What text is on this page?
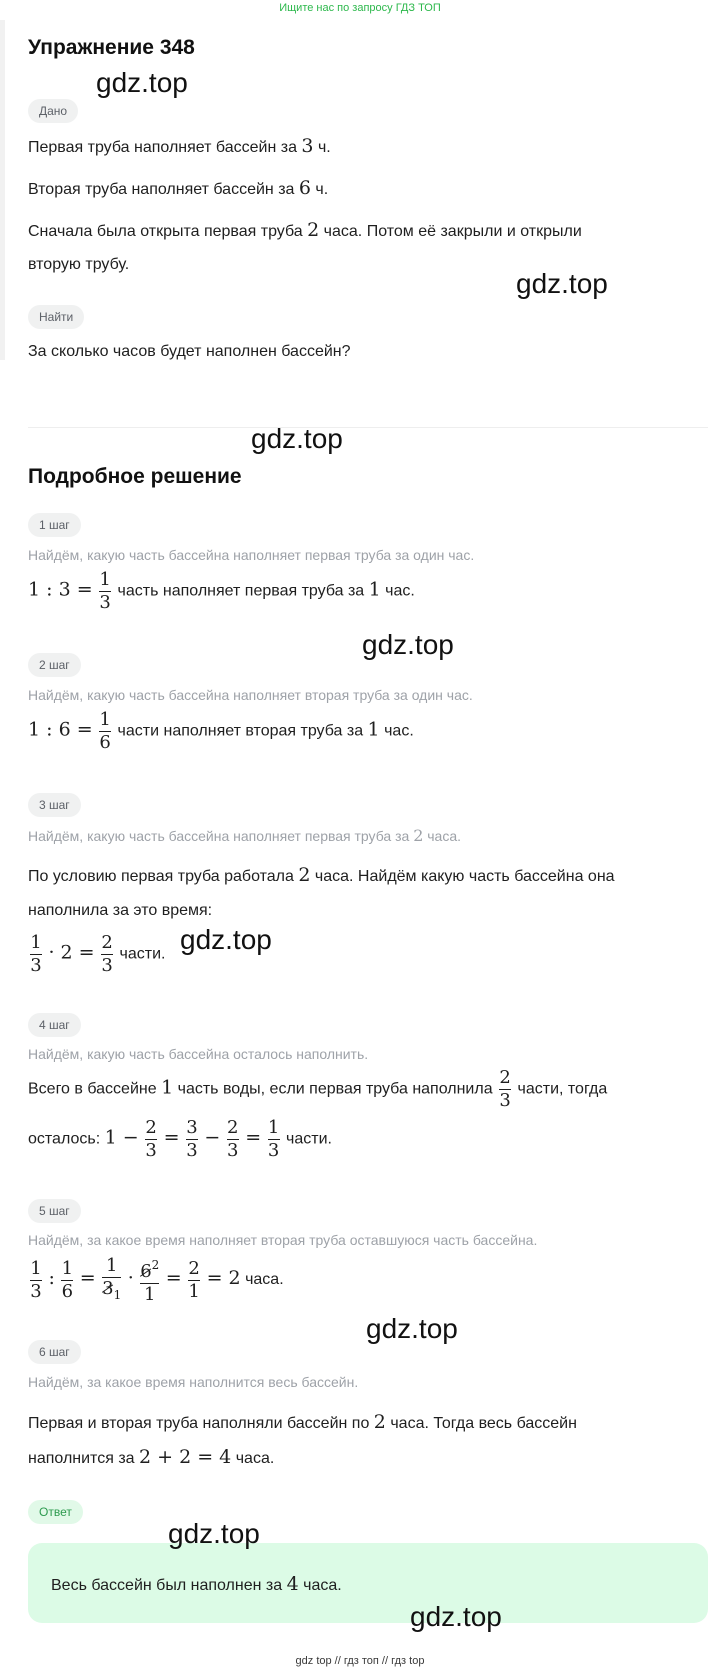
Ищите нас по запросу ГДЗ ТОП
Упражнение 348
Дано
Первая труба наполняет бассейн за 3 ч.
Вторая труба наполняет бассейн за 6 ч.
Сначала была открыта первая труба 2 часа. Потом её закрыли и открыли
вторую трубу.
Найти
За сколько часов будет наполнен бассейн?
Подробное решение
1 шаг
Найдём, какую часть бассейна наполняет первая труба за один час.
1 : $3 = \frac{1}{3}$ часть наполняет первая труба за 1 час.
2 шаг
Найдём, какую часть бассейна наполняет вторая труба за один час.
1 : $6 = \frac{1}{6}$ части наполняет вторая труба за 1 час.
3 шаг
Найдём, какую часть бассейна наполняет первая труба за 2 часа.
По условию первая труба работала 2 часа. Найдём какую часть бассейна она
наполнила за это время:
$\frac{1}{3} \cdot 2 = \frac{2}{3}$ части.
4 шаг
Найдём, какую часть бассейна осталось наполнить.
Всего в бассейне 1 часть воды, если первая труба наполнила $\frac{2}{3}$ части, тогда
осталось: $1 - \frac{2}{3} = \frac{3}{3} - \frac{2}{3} = \frac{1}{3}$ части.
5 шаг
Найдём, за какое время наполняет вторая труба оставшуюся часть бассейна.
$\frac{1}{3}$ : $\frac{1}{6} = \frac{1}{3_1} \cdot \frac{6^2}{1} = \frac{2}{1} = 2$ часа.
6 шаг
Найдём, за какое время наполнится весь бассейн.
Первая и вторая труба наполняли бассейн по 2 часа. Тогда весь бассейн
наполнится за 2 + 2 = 4 часа.
Ответ
Весь бассейн был наполнен за 4 часа.
gdz.top
gdz.top
gdz.top
gdz.top
gdz.top
gdz.top
gdz.top
gdz.top
gdz top // гдз топ // гдз top
